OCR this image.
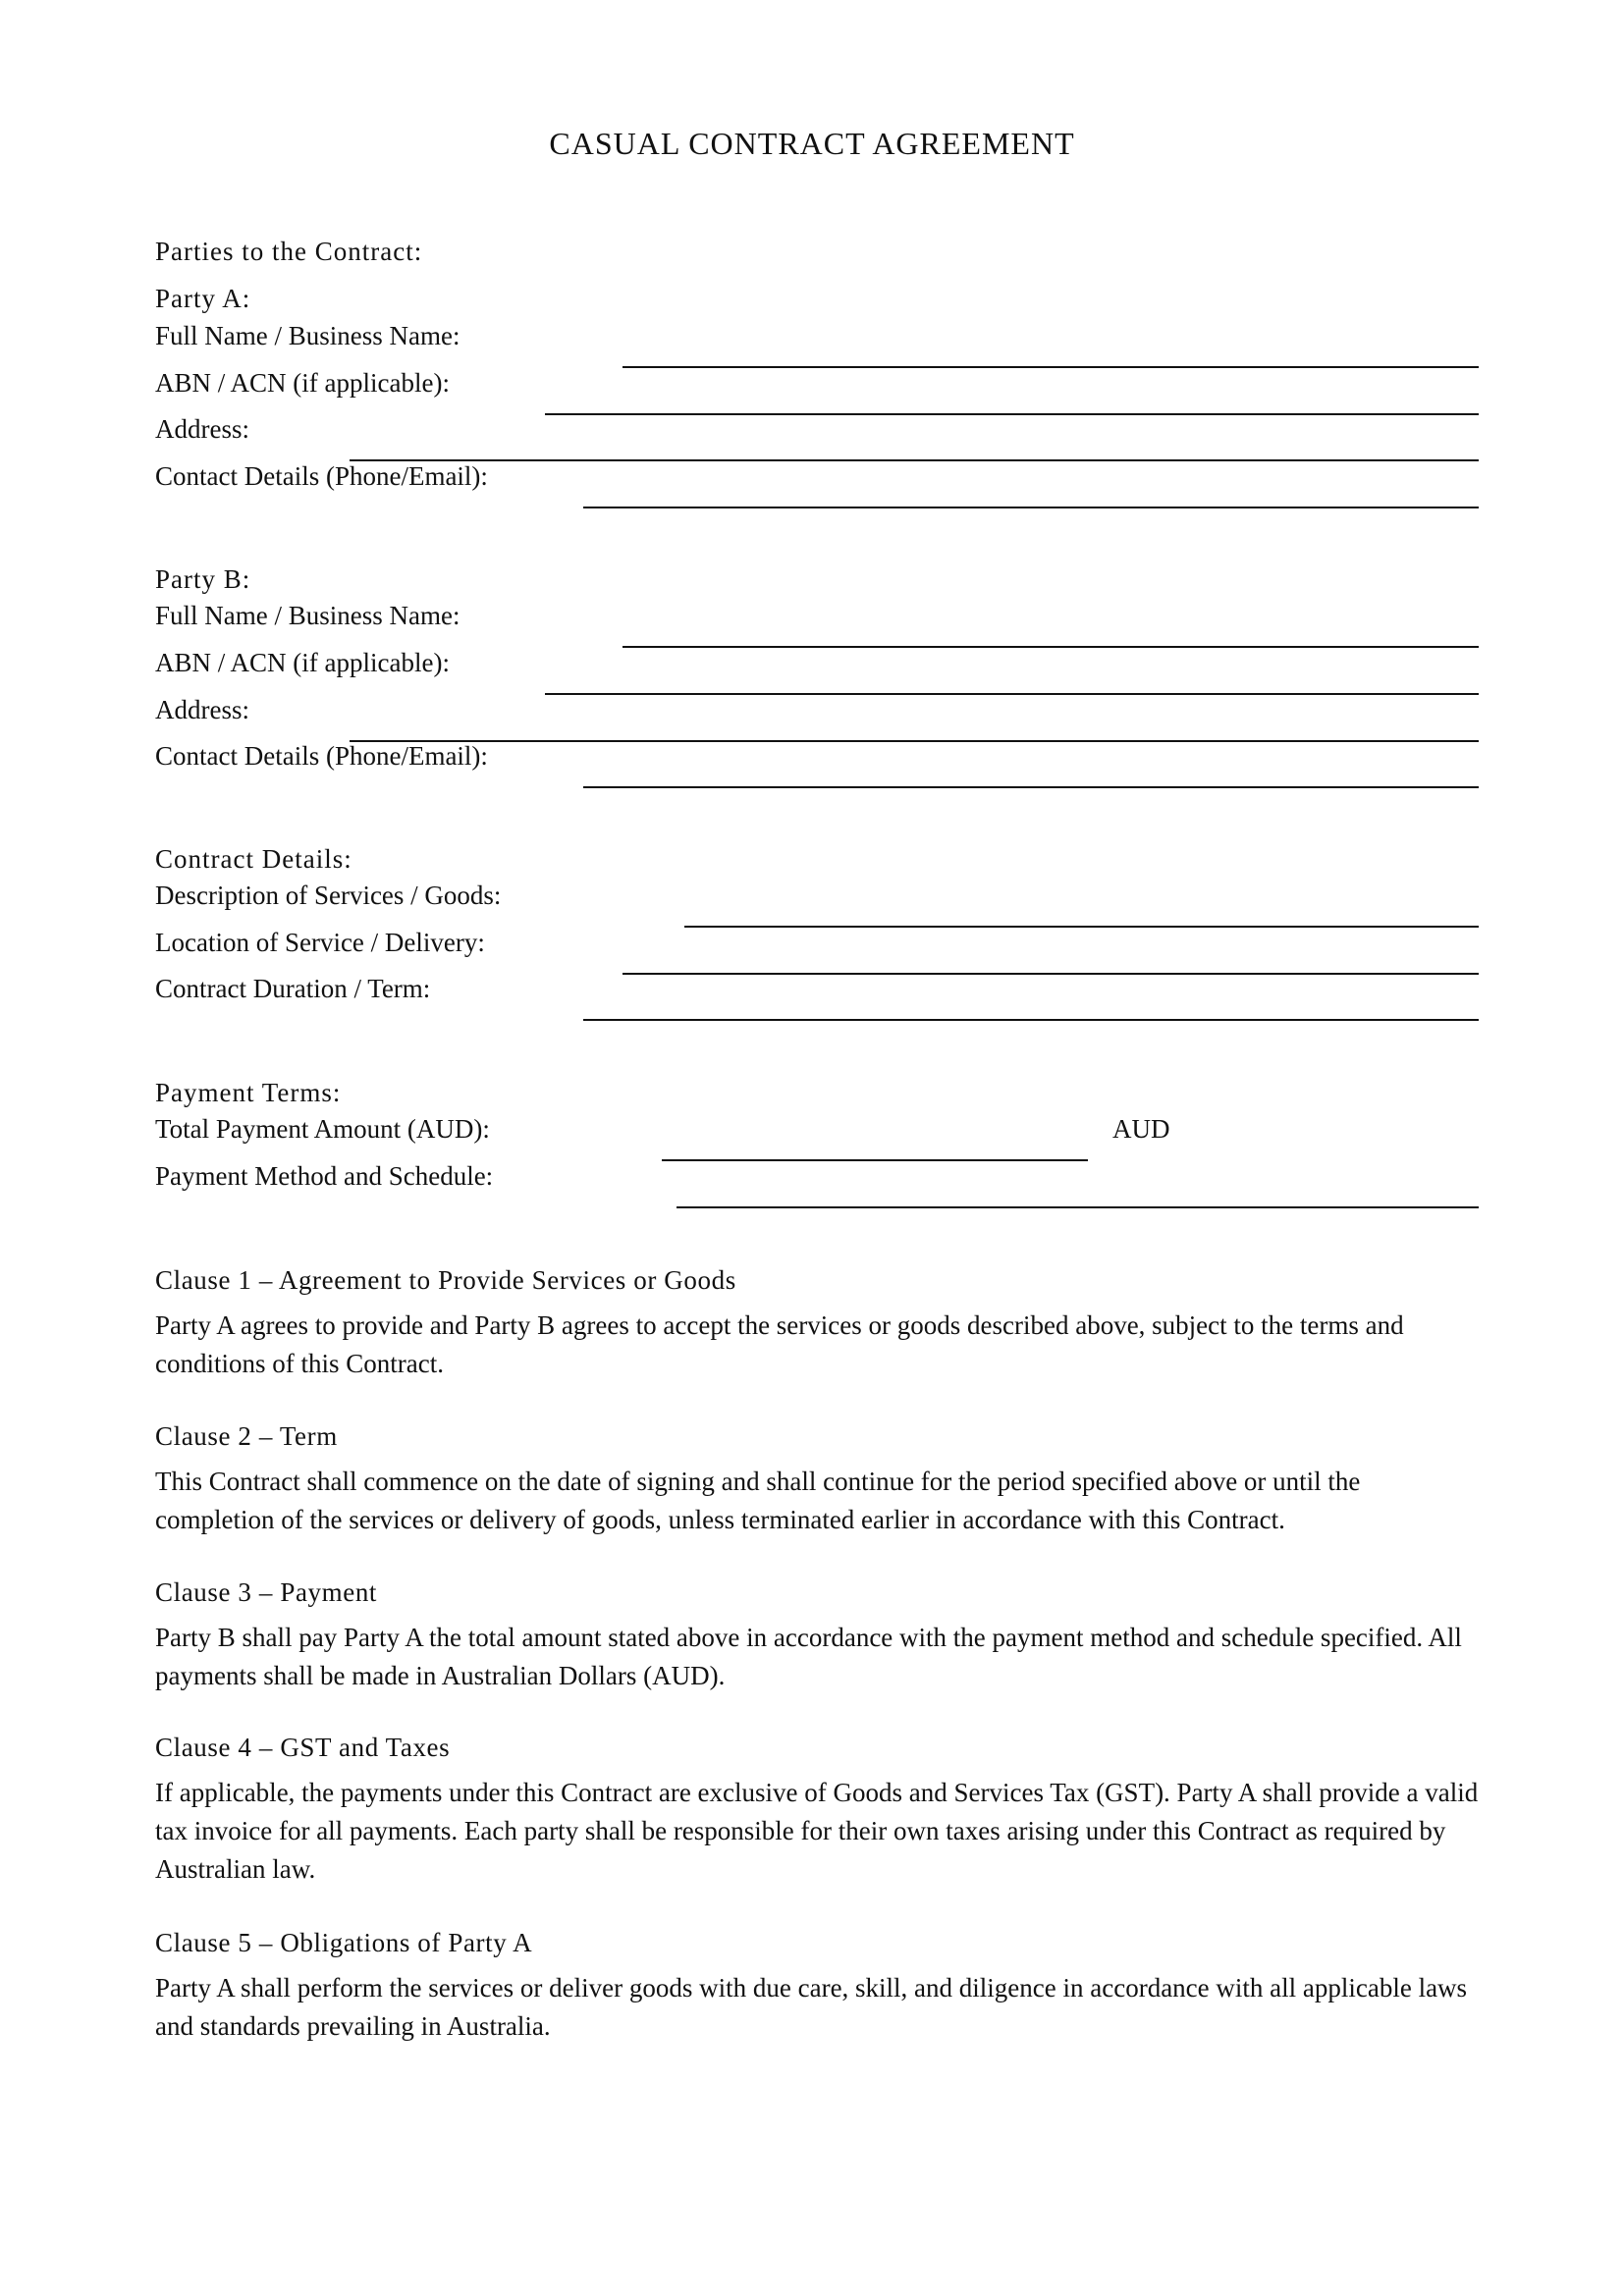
CASUAL CONTRACT AGREEMENT
Parties to the Contract:
Party A:
Full Name / Business Name:
ABN / ACN (if applicable):
Address:
Contact Details (Phone/Email):
Party B:
Full Name / Business Name:
ABN / ACN (if applicable):
Address:
Contact Details (Phone/Email):
Contract Details:
Description of Services / Goods:
Location of Service / Delivery:
Contract Duration / Term:
Payment Terms:
Total Payment Amount (AUD):	AUD
Payment Method and Schedule:
Clause 1 – Agreement to Provide Services or Goods
Party A agrees to provide and Party B agrees to accept the services or goods described above, subject to the terms and conditions of this Contract.
Clause 2 – Term
This Contract shall commence on the date of signing and shall continue for the period specified above or until the completion of the services or delivery of goods, unless terminated earlier in accordance with this Contract.
Clause 3 – Payment
Party B shall pay Party A the total amount stated above in accordance with the payment method and schedule specified. All payments shall be made in Australian Dollars (AUD).
Clause 4 – GST and Taxes
If applicable, the payments under this Contract are exclusive of Goods and Services Tax (GST). Party A shall provide a valid tax invoice for all payments. Each party shall be responsible for their own taxes arising under this Contract as required by Australian law.
Clause 5 – Obligations of Party A
Party A shall perform the services or deliver goods with due care, skill, and diligence in accordance with all applicable laws and standards prevailing in Australia.
